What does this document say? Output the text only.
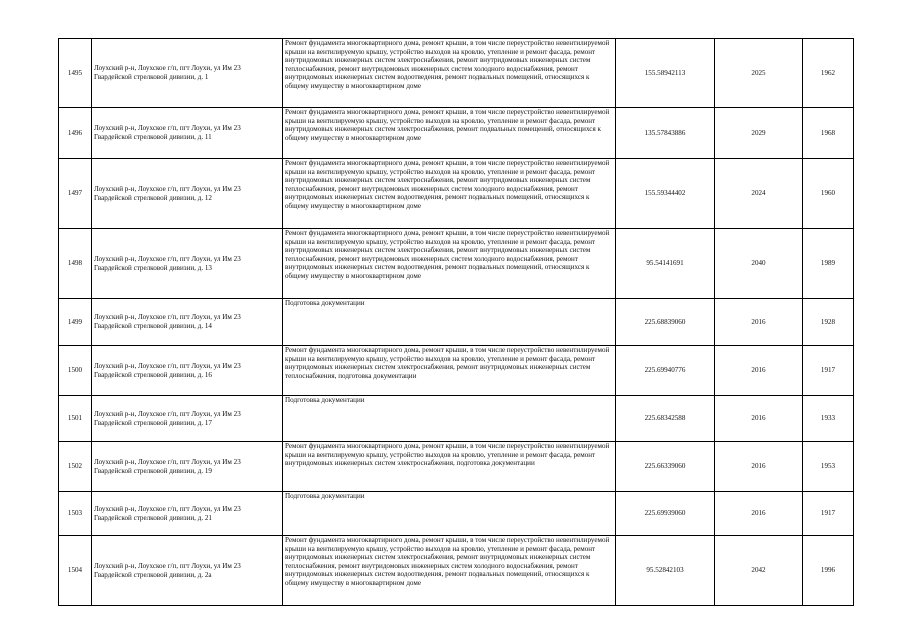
1495	Лоухский р-н, Лоухское г/п, пгт Лоухи, ул Им 23 Гвардейской стрелковой дивизии, д. 1	Ремонт фундамента многоквартирного дома, ремонт крыши, в том числе переустройство невентилируемой крыши на вентилируемую крышу, устройство выходов на кровлю, утепление и ремонт фасада, ремонт внутридомовых инженерных систем электроснабжения, ремонт внутридомовых инженерных систем теплоснабжения, ремонт внутридомовых инженерных систем холодного водоснабжения, ремонт внутридомовых инженерных систем водоотведения, ремонт подвальных помещений, относящихся к общему имуществу в многоквартирном доме	155.58942113	2025	1962
1496	Лоухский р-н, Лоухское г/п, пгт Лоухи, ул Им 23 Гвардейской стрелковой дивизии, д. 11	Ремонт фундамента многоквартирного дома, ремонт крыши, в том числе переустройство невентилируемой крыши на вентилируемую крышу, устройство выходов на кровлю, утепление и ремонт фасада, ремонт внутридомовых инженерных систем электроснабжения, ремонт подвальных помещений, относящихся к общему имуществу в многоквартирном доме	135.57843886	2029	1968
1497	Лоухский р-н, Лоухское г/п, пгт Лоухи, ул Им 23 Гвардейской стрелковой дивизии, д. 12	Ремонт фундамента многоквартирного дома, ремонт крыши, в том числе переустройство невентилируемой крыши на вентилируемую крышу, устройство выходов на кровлю, утепление и ремонт фасада, ремонт внутридомовых инженерных систем электроснабжения, ремонт внутридомовых инженерных систем теплоснабжения, ремонт внутридомовых инженерных систем холодного водоснабжения, ремонт внутридомовых инженерных систем водоотведения, ремонт подвальных помещений, относящихся к общему имуществу в многоквартирном доме	155.59344402	2024	1960
1498	Лоухский р-н, Лоухское г/п, пгт Лоухи, ул Им 23 Гвардейской стрелковой дивизии, д. 13	Ремонт фундамента многоквартирного дома, ремонт крыши, в том числе переустройство невентилируемой крыши на вентилируемую крышу, устройство выходов на кровлю, утепление и ремонт фасада, ремонт внутридомовых инженерных систем электроснабжения, ремонт внутридомовых инженерных систем теплоснабжения, ремонт внутридомовых инженерных систем холодного водоснабжения, ремонт внутридомовых инженерных систем водоотведения, ремонт подвальных помещений, относящихся к общему имуществу в многоквартирном доме	95.54141691	2040	1989
1499	Лоухский р-н, Лоухское г/п, пгт Лоухи, ул Им 23 Гвардейской стрелковой дивизии, д. 14	Подготовка документации	225.68839060	2016	1928
1500	Лоухский р-н, Лоухское г/п, пгт Лоухи, ул Им 23 Гвардейской стрелковой дивизии, д. 16	Ремонт фундамента многоквартирного дома, ремонт крыши, в том числе переустройство невентилируемой крыши на вентилируемую крышу, устройство выходов на кровлю, утепление и ремонт фасада, ремонт внутридомовых инженерных систем электроснабжения, ремонт внутридомовых инженерных систем теплоснабжения, подготовка документации	225.69940776	2016	1917
1501	Лоухский р-н, Лоухское г/п, пгт Лоухи, ул Им 23 Гвардейской стрелковой дивизии, д. 17	Подготовка документации	225.68342588	2016	1933
1502	Лоухский р-н, Лоухское г/п, пгт Лоухи, ул Им 23 Гвардейской стрелковой дивизии, д. 19	Ремонт фундамента многоквартирного дома, ремонт крыши, в том числе переустройство невентилируемой крыши на вентилируемую крышу, устройство выходов на кровлю, утепление и ремонт фасада, ремонт внутридомовых инженерных систем электроснабжения, подготовка документации	225.66339060	2016	1953
1503	Лоухский р-н, Лоухское г/п, пгт Лоухи, ул Им 23 Гвардейской стрелковой дивизии, д. 21	Подготовка документации	225.69939060	2016	1917
1504	Лоухский р-н, Лоухское г/п, пгт Лоухи, ул Им 23 Гвардейской стрелковой дивизии, д. 2а	Ремонт фундамента многоквартирного дома, ремонт крыши, в том числе переустройство невентилируемой крыши на вентилируемую крышу, устройство выходов на кровлю, утепление и ремонт фасада, ремонт внутридомовых инженерных систем электроснабжения, ремонт внутридомовых инженерных систем теплоснабжения, ремонт внутридомовых инженерных систем холодного водоснабжения, ремонт внутридомовых инженерных систем водоотведения, ремонт подвальных помещений, относящихся к общему имуществу в многоквартирном доме	95.52842103	2042	1996
